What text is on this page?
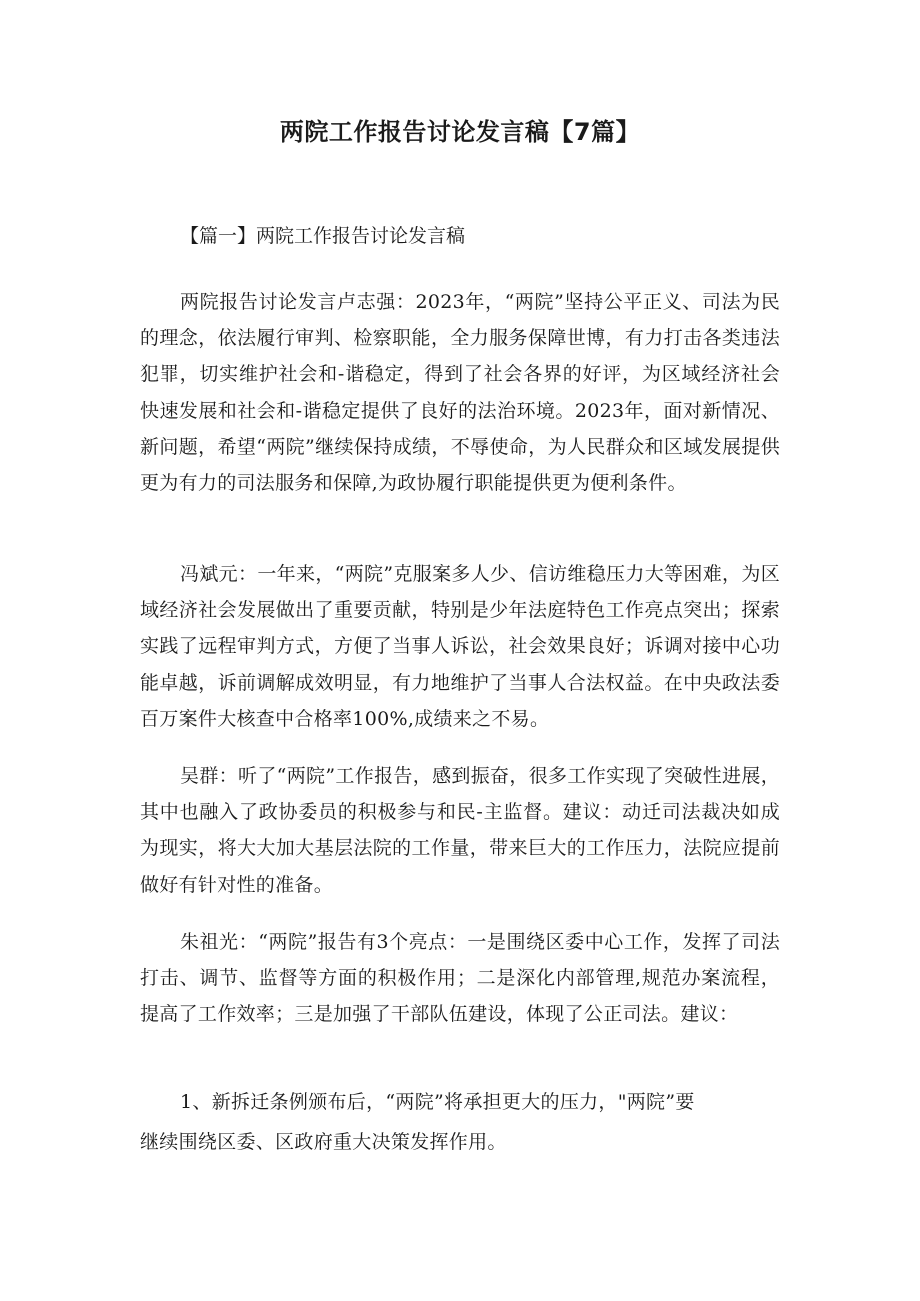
两院工作报告讨论发言稿【7篇】
【篇一】两院工作报告讨论发言稿

两院报告讨论发言卢志强：2023年，“两院”坚持公平正义、司法为民的理念，依法履行审判、检察职能，全力服务保障世博，有力打击各类违法犯罪，切实维护社会和-谐稳定，得到了社会各界的好评，为区域经济社会快速发展和社会和-谐稳定提供了良好的法治环境。2023年，面对新情况、新问题，希望“两院”继续保持成绩，不辱使命，为人民群众和区域发展提供更为有力的司法服务和保障,为政协履行职能提供更为便利条件。

冯斌元：一年来，“两院”克服案多人少、信访维稳压力大等困难，为区域经济社会发展做出了重要贡献，特别是少年法庭特色工作亮点突出；探索实践了远程审判方式，方便了当事人诉讼，社会效果良好；诉调对接中心功能卓越，诉前调解成效明显，有力地维护了当事人合法权益。在中央政法委百万案件大核查中合格率100%,成绩来之不易。

吴群：听了“两院”工作报告，感到振奋，很多工作实现了突破性进展，其中也融入了政协委员的积极参与和民-主监督。建议：动迁司法裁决如成为现实，将大大加大基层法院的工作量，带来巨大的工作压力，法院应提前做好有针对性的准备。

朱祖光：“两院”报告有3个亮点：一是围绕区委中心工作，发挥了司法打击、调节、监督等方面的积极作用；二是深化内部管理,规范办案流程，提高了工作效率；三是加强了干部队伍建设，体现了公正司法。建议：

1、新拆迁条例颁布后，“两院”将承担更大的压力，"两院”要

继续围绕区委、区政府重大决策发挥作用。
